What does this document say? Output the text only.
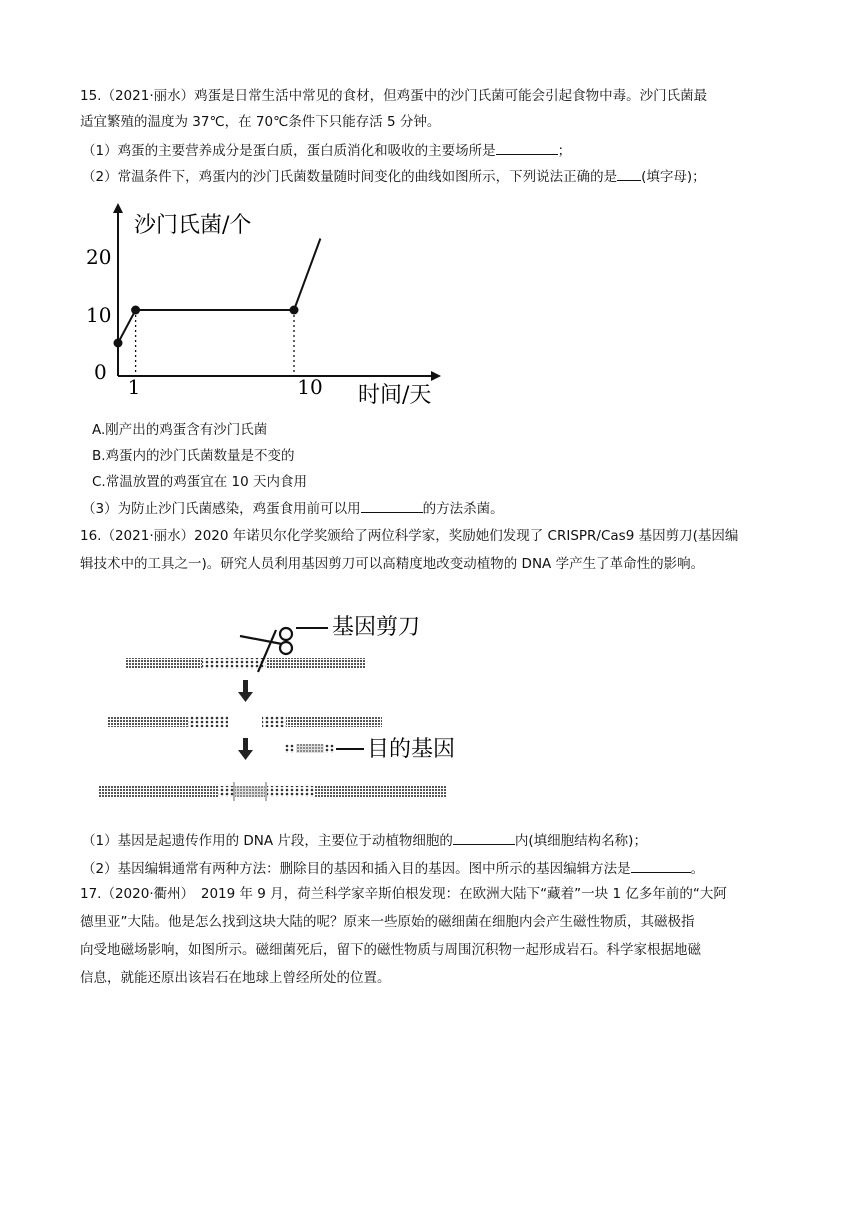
15.（2021·丽水）鸡蛋是日常生活中常见的食材，但鸡蛋中的沙门氏菌可能会引起食物中毒。沙门氏菌最
适宜繁殖的温度为 37℃，在 70℃条件下只能存活 5 分钟。
（1）鸡蛋的主要营养成分是蛋白质，蛋白质消化和吸收的主要场所是	；
（2）常温条件下，鸡蛋内的沙门氏菌数量随时间变化的曲线如图所示，下列说法正确的是 (填字母)；
沙门氏菌/个
时间/天
0
10
20
1	10
A.刚产出的鸡蛋含有沙门氏菌
B.鸡蛋内的沙门氏菌数量是不变的
C.常温放置的鸡蛋宜在 10 天内食用
（3）为防止沙门氏菌感染，鸡蛋食用前可以用	的方法杀菌。
16.（2021·丽水）2020 年诺贝尔化学奖颁给了两位科学家，奖励她们发现了 CRISPR/Cas9 基因剪刀(基因编
辑技术中的工具之一)。研究人员利用基因剪刀可以高精度地改变动植物的 DNA 学产生了革命性的影响。
基因剪刀
目的基因
（1）基因是起遗传作用的 DNA 片段，主要位于动植物细胞的	内(填细胞结构名称)；
（2）基因编辑通常有两种方法：删除目的基因和插入目的基因。图中所示的基因编辑方法是	。
17.（2020·衢州）　2019 年 9 月，荷兰科学家辛斯伯根发现：在欧洲大陆下“藏着”一块 1 亿多年前的“大阿
德里亚”大陆。他是怎么找到这块大陆的呢？原来一些原始的磁细菌在细胞内会产生磁性物质，其磁极指
向受地磁场影响，如图所示。磁细菌死后，留下的磁性物质与周围沉积物一起形成岩石。科学家根据地磁
信息，就能还原出该岩石在地球上曾经所处的位置。
